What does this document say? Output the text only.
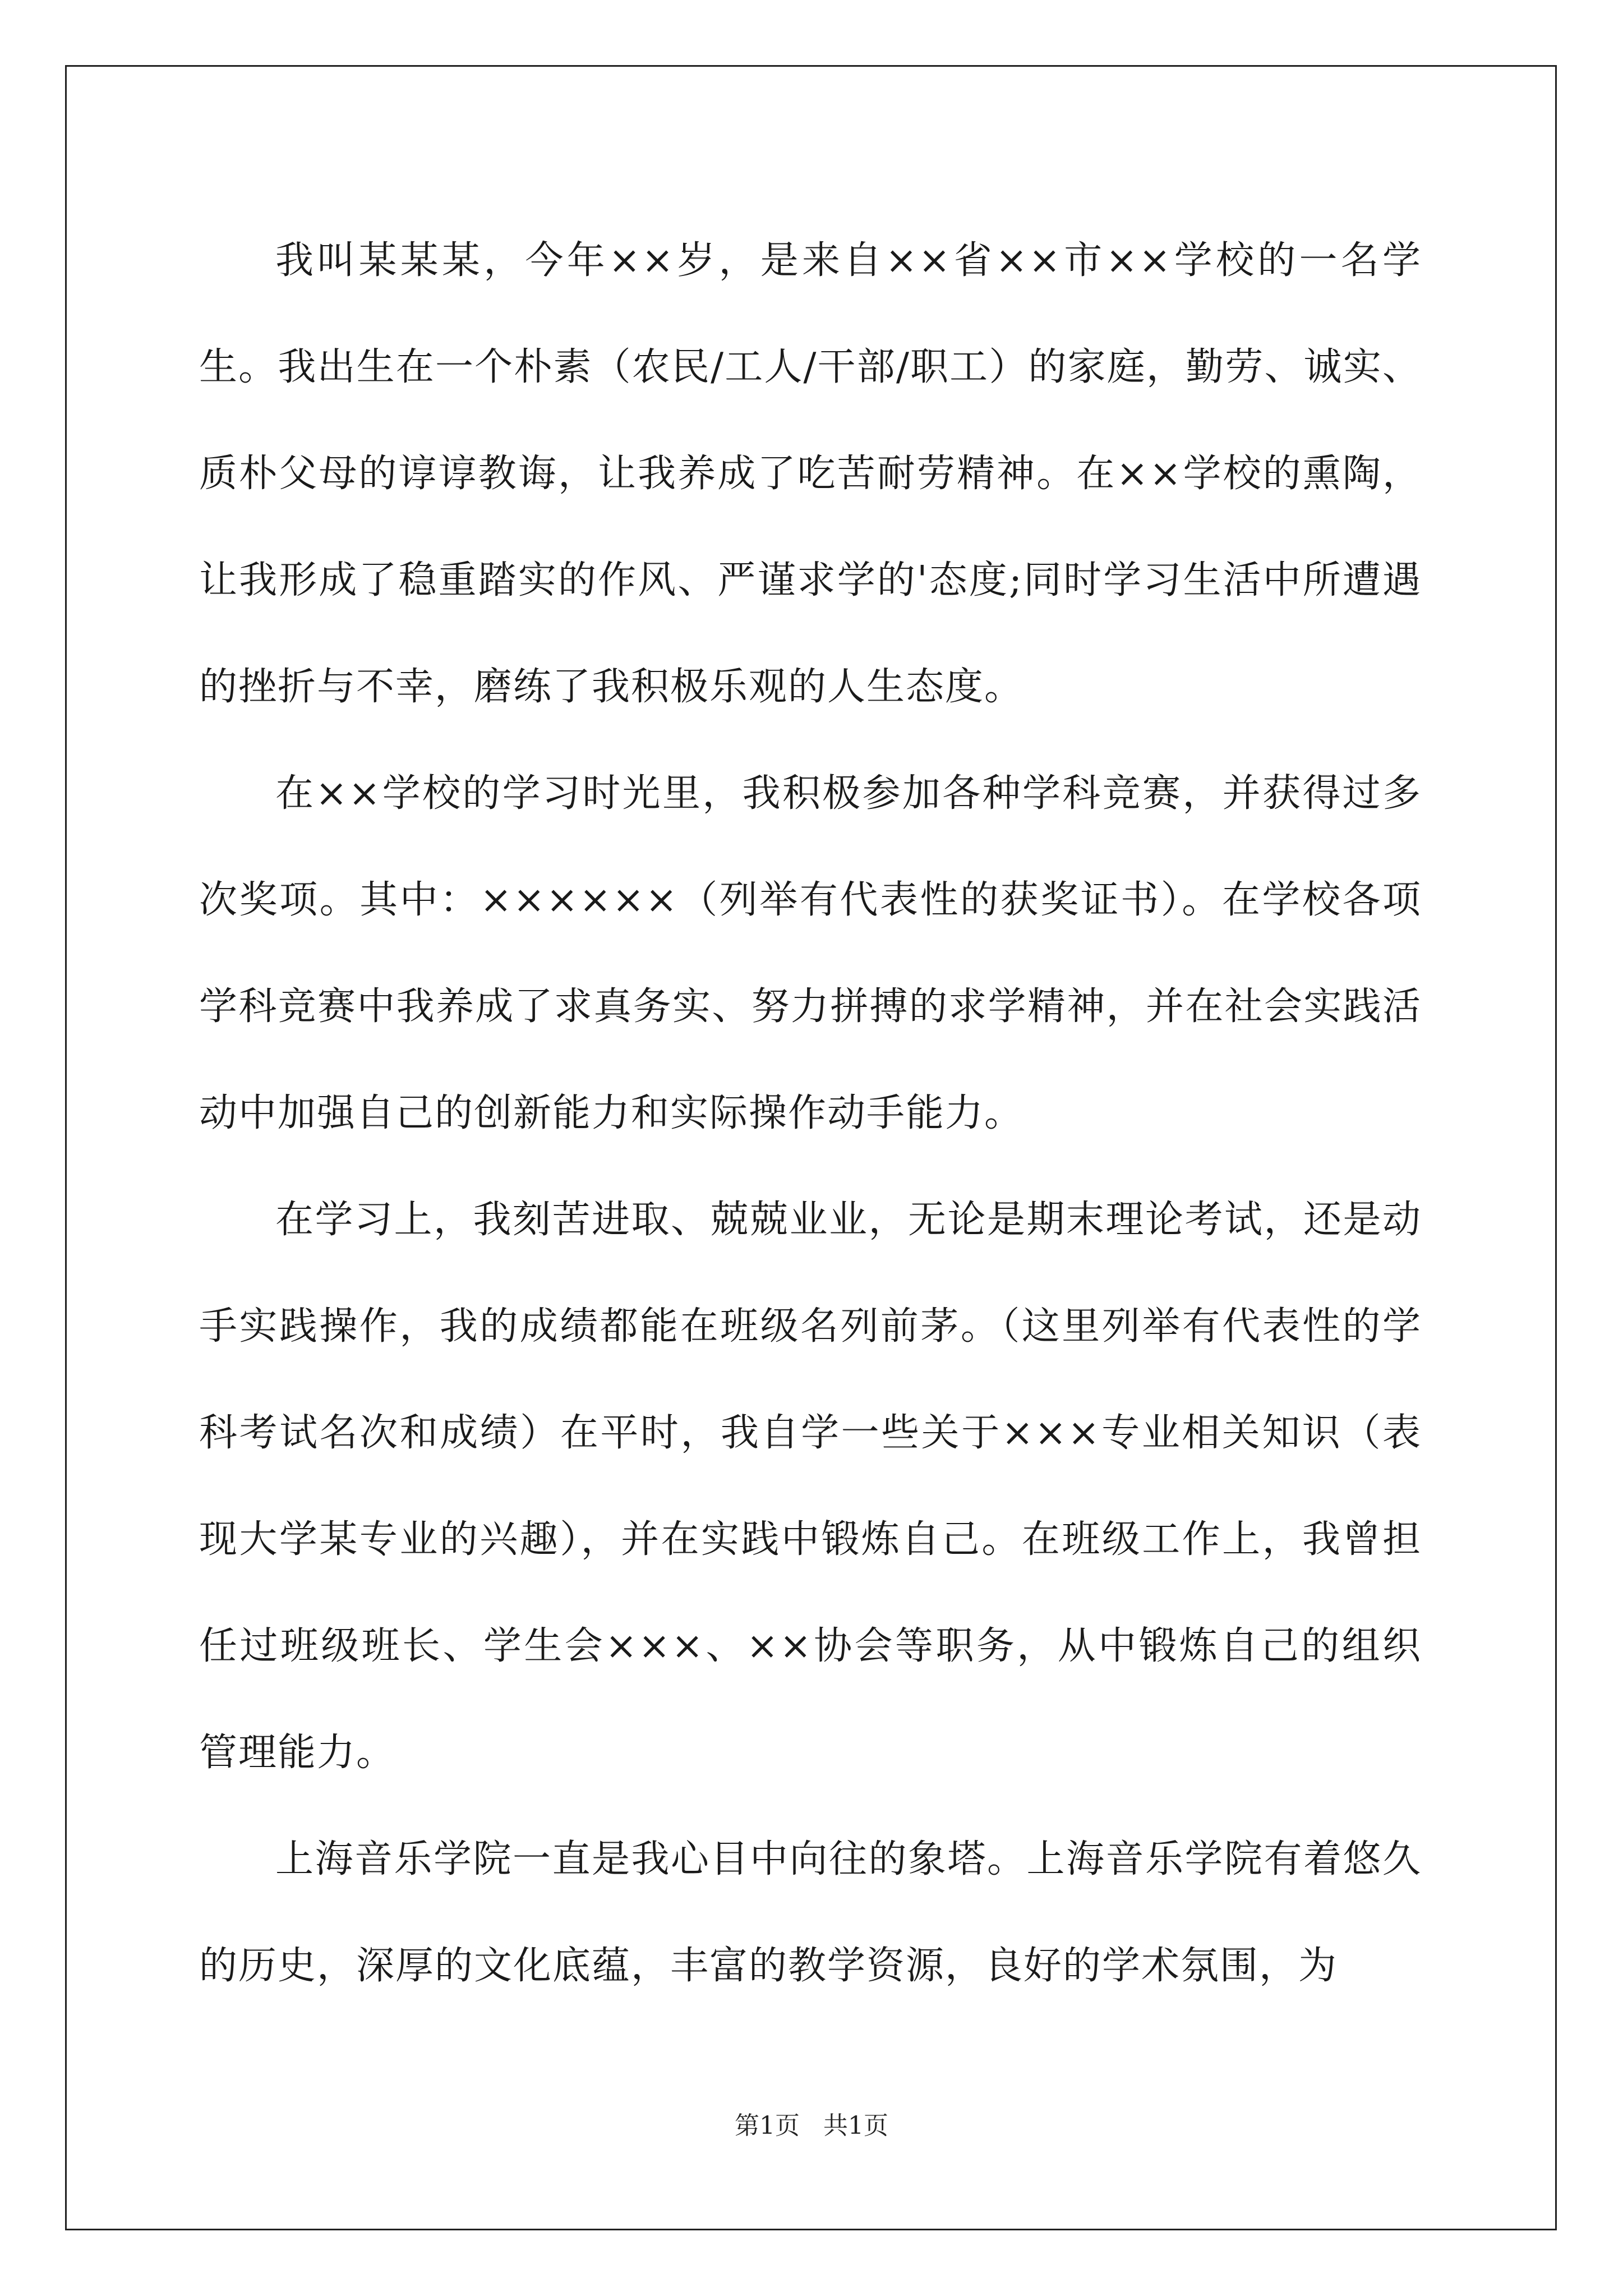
我叫某某某，今年××岁，是来自××省××市××学校的一名学生。我出生在一个朴素（农民/工人/干部/职工）的家庭，勤劳、诚实、质朴父母的谆谆教诲，让我养成了吃苦耐劳精神。在××学校的熏陶，让我形成了稳重踏实的作风、严谨求学的'态度;同时学习生活中所遭遇的挫折与不幸，磨练了我积极乐观的人生态度。

在××学校的学习时光里，我积极参加各种学科竞赛，并获得过多次奖项。其中：××××××（列举有代表性的获奖证书）。在学校各项学科竞赛中我养成了求真务实、努力拼搏的求学精神，并在社会实践活动中加强自己的创新能力和实际操作动手能力。

在学习上，我刻苦进取、兢兢业业，无论是期末理论考试，还是动手实践操作，我的成绩都能在班级名列前茅。（这里列举有代表性的学科考试名次和成绩）在平时，我自学一些关于×××专业相关知识（表现大学某专业的兴趣），并在实践中锻炼自己。在班级工作上，我曾担任过班级班长、学生会×××、××协会等职务，从中锻炼自己的组织管理能力。

上海音乐学院一直是我心目中向往的象塔。上海音乐学院有着悠久的历史，深厚的文化底蕴，丰富的教学资源，良好的学术氛围，为

第1页 共1页
